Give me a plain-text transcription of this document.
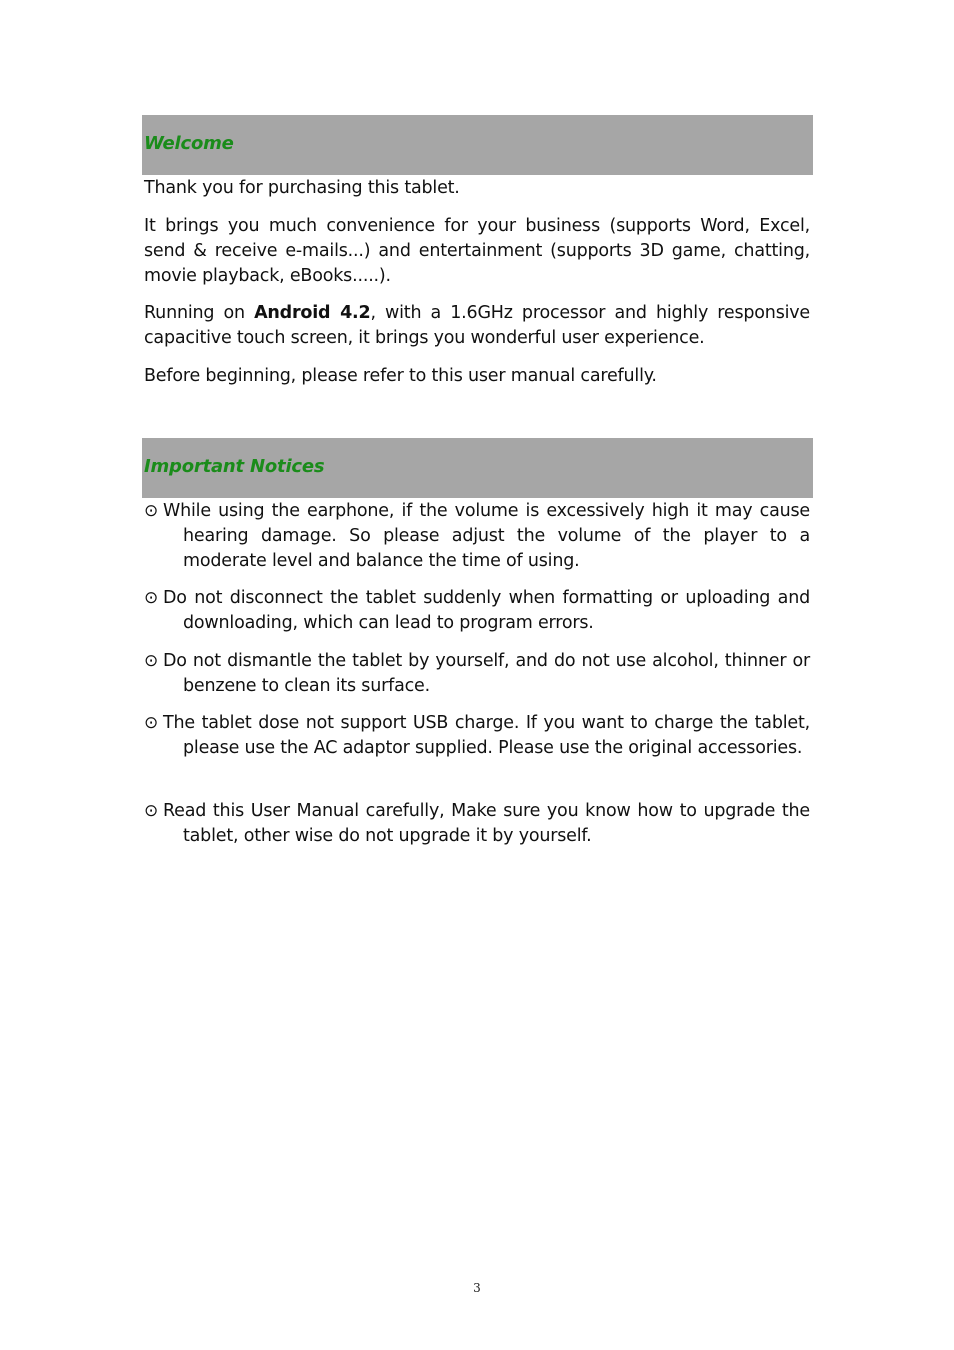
Welcome
Thank you for purchasing this tablet.
It brings you much convenience for your business (supports Word, Excel, send & receive e-mails...) and entertainment (supports 3D game, chatting, movie playback, eBooks.....).
Running on Android 4.2, with a 1.6GHz processor and highly responsive capacitive touch screen, it brings you wonderful user experience.
Before beginning, please refer to this user manual carefully.
Important Notices
⊙ While using the earphone, if the volume is excessively high it may cause hearing damage. So please adjust the volume of the player to a moderate level and balance the time of using.
⊙ Do not disconnect the tablet suddenly when formatting or uploading and downloading, which can lead to program errors.
⊙ Do not dismantle the tablet by yourself, and do not use alcohol, thinner or benzene to clean its surface.
⊙ The tablet dose not support USB charge. If you want to charge the tablet, please use the AC adaptor supplied. Please use the original accessories.
⊙ Read this User Manual carefully, Make sure you know how to upgrade the tablet, other wise do not upgrade it by yourself.
3
